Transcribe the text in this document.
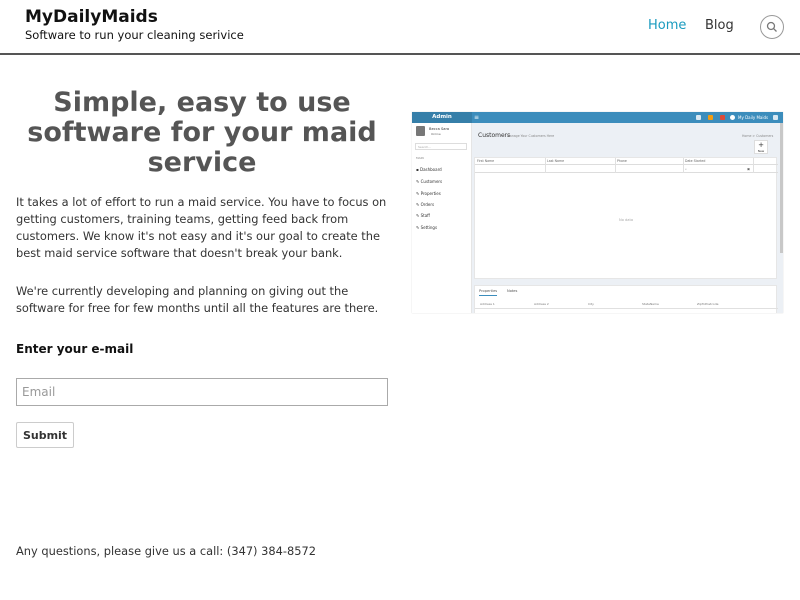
MyDailyMaids
Software to run your cleaning serivice
Home Blog
Simple, easy to use software for your maid service

It takes a lot of effort to run a maid service. You have to focus on getting customers, training teams, getting feed back from customers. We know it's not easy and it's our goal to create the best maid service software that doesn't break your bank.

We're currently developing and planning on giving out the software for free for few months until all the features are there.

Enter your e-mail
Email
Submit
Any questions, please give us a call: (347) 384-8572
Admin	≡	My Daily Maids
Becca Sara
Online
Search...
MAIN
▪ Dashboard
✎ Customers
✎ Properties
✎ Orders
✎ Staff
✎ Settings
Customers
Manage Your Customers Here	Home > Customers
+
New
First Name	Last Name	Phone	Date Started
⌕	▣
No data
Properties	Notes
Address 1	Address 2	City	StateName	ZipToPostcode
